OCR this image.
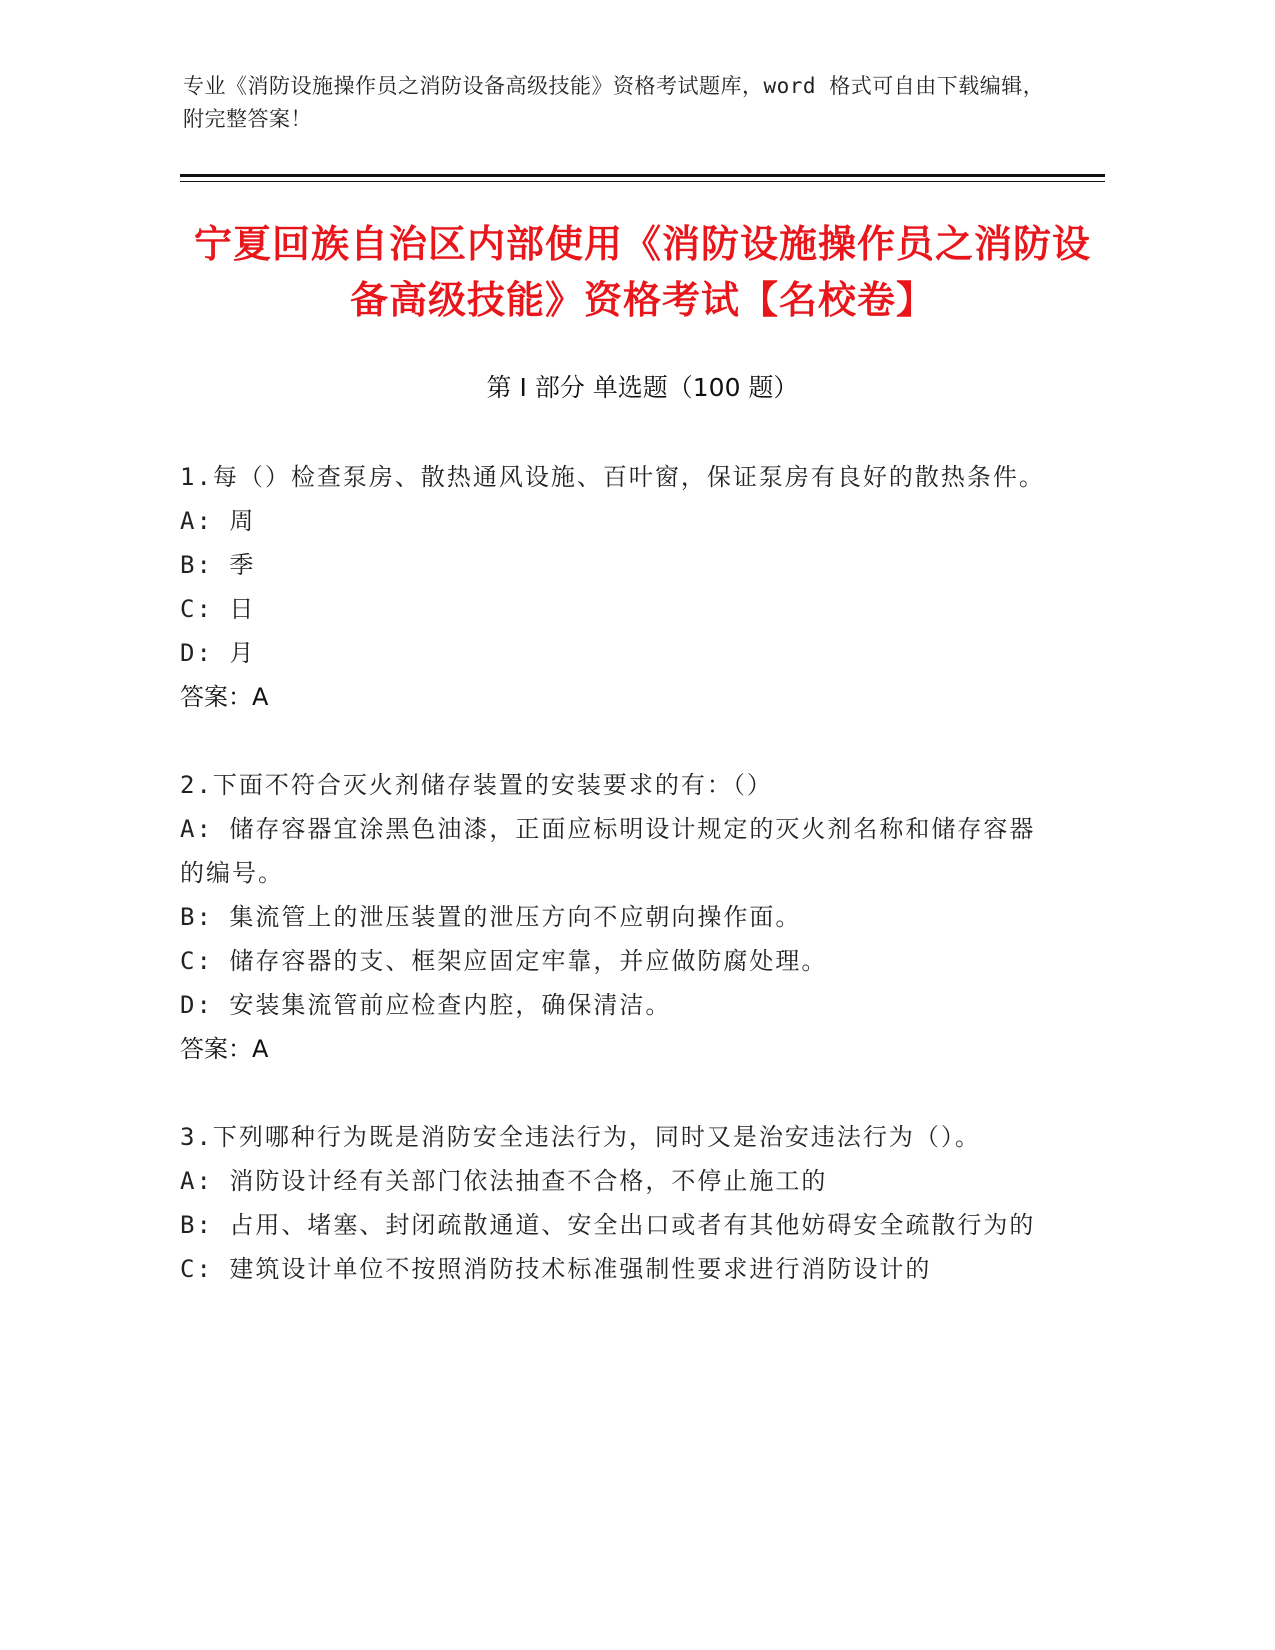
专业《消防设施操作员之消防设备高级技能》资格考试题库，word 格式可自由下载编辑，附完整答案！
宁夏回族自治区内部使用《消防设施操作员之消防设备高级技能》资格考试【名校卷】
第 I 部分 单选题（100 题）

1.每（）检查泵房、散热通风设施、百叶窗，保证泵房有良好的散热条件。

A: 周

B: 季

C: 日

D: 月

答案：A

2.下面不符合灭火剂储存装置的安装要求的有：（）

A: 储存容器宜涂黑色油漆，正面应标明设计规定的灭火剂名称和储存容器的编号。

B: 集流管上的泄压装置的泄压方向不应朝向操作面。

C: 储存容器的支、框架应固定牢靠，并应做防腐处理。

D: 安装集流管前应检查内腔，确保清洁。

答案：A

3.下列哪种行为既是消防安全违法行为，同时又是治安违法行为（）。

A: 消防设计经有关部门依法抽查不合格，不停止施工的

B: 占用、堵塞、封闭疏散通道、安全出口或者有其他妨碍安全疏散行为的

C: 建筑设计单位不按照消防技术标准强制性要求进行消防设计的
